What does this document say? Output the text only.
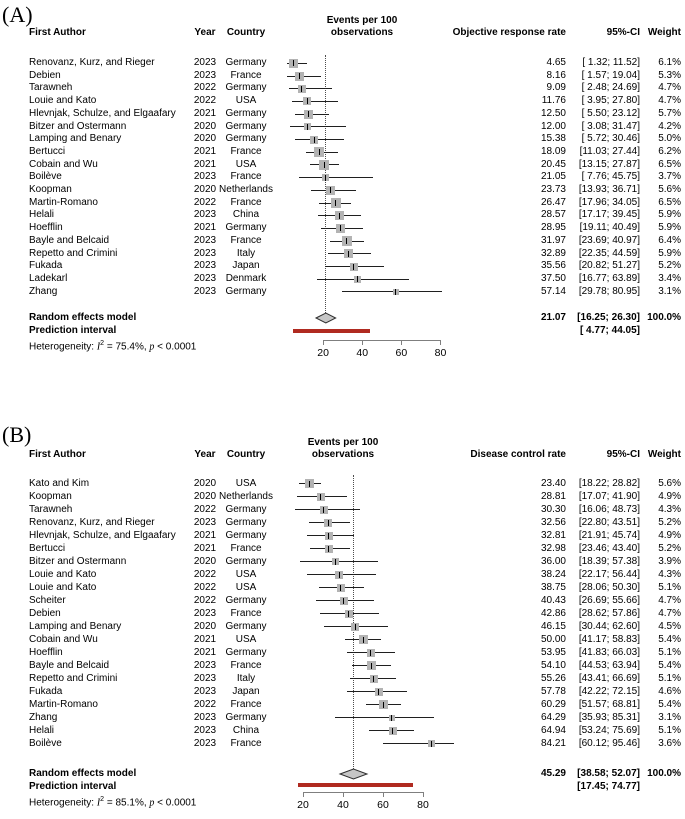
(A)
First Author	Year Country
Events per 100
observations	Objective response rate	95%-CI Weight
Renovanz, Kurz, and Rieger	2023 Germany	4.65 [ 1.32; 11.52] 6.1%
Debien	2023 France	8.16 [ 1.57; 19.04] 5.3%
Tarawneh	2022 Germany	9.09 [ 2.48; 24.69] 4.7%
Louie and Kato	2022 USA	11.76 [ 3.95; 27.80] 4.7%
Hlevnjak, Schulze, and Elgaafary 2021 Germany	12.50 [ 5.50; 23.12] 5.7%
Bitzer and Ostermann	2020 Germany	12.00 [ 3.08; 31.47] 4.2%
Lamping and Benary	2020 Germany	15.38 [ 5.72; 30.46] 5.0%
Bertucci	2021 France	18.09 [11.03; 27.44] 6.2%
Cobain and Wu	2021 USA	20.45 [13.15; 27.87] 6.5%
Boilève	2023 France	21.05 [ 7.76; 45.75] 3.7%
Koopman	2020 Netherlands	23.73 [13.93; 36.71] 5.6%
Martin-Romano	2022 France	26.47 [17.96; 34.05] 6.5%
Helali	2023 China	28.57 [17.17; 39.45] 5.9%
Hoefflin	2021 Germany	28.95 [19.11; 40.49] 5.9%
Bayle and Belcaid	2023 France	31.97 [23.69; 40.97] 6.4%
Repetto and Crimini	2023 Italy	32.89 [22.35; 44.59] 5.9%
Fukada	2023 Japan	35.56 [20.82; 51.27] 5.2%
Ladekarl	2023 Denmark	37.50 [16.77; 63.89] 3.4%
Zhang	2023 Germany	57.14 [29.78; 80.95] 3.1%
Random effects model	21.07 [16.25; 26.30] 100.0%
Prediction interval	[ 4.77; 44.05]
Heterogeneity: $I^2 = 75.4\%$, p < 0.0001
20	40	60	80
(B)
First Author	Year Country
Events per 100
observations	Disease control rate	95%-CI Weight
Kato and Kim	2020 USA	23.40 [18.22; 28.82] 5.6%
Koopman	2020 Netherlands	28.81 [17.07; 41.90] 4.9%
Tarawneh	2022 Germany	30.30 [16.06; 48.73] 4.3%
Renovanz, Kurz, and Rieger	2023 Germany	32.56 [22.80; 43.51] 5.2%
Hlevnjak, Schulze, and Elgaafary 2021 Germany	32.81 [21.91; 45.74] 4.9%
Bertucci	2021 France	32.98 [23.46; 43.40] 5.2%
Bitzer and Ostermann	2020 Germany	36.00 [18.39; 57.38] 3.9%
Louie and Kato	2022 USA	38.24 [22.17; 56.44] 4.3%
Louie and Kato	2022 USA	38.75 [28.06; 50.30] 5.1%
Scheiter	2022 Germany	40.43 [26.69; 55.66] 4.7%
Debien	2023 France	42.86 [28.62; 57.86] 4.7%
Lamping and Benary	2020 Germany	46.15 [30.44; 62.60] 4.5%
Cobain and Wu	2021 USA	50.00 [41.17; 58.83] 5.4%
Hoefflin	2021 Germany	53.95 [41.83; 66.03] 5.1%
Bayle and Belcaid	2023 France	54.10 [44.53; 63.94] 5.4%
Repetto and Crimini	2023 Italy	55.26 [43.41; 66.69] 5.1%
Fukada	2023 Japan	57.78 [42.22; 72.15] 4.6%
Martin-Romano	2022 France	60.29 [51.57; 68.81] 5.4%
Zhang	2023 Germany	64.29 [35.93; 85.31] 3.1%
Helali	2023 China	64.94 [53.24; 75.69] 5.1%
Boilève	2023 France	84.21 [60.12; 95.46] 3.6%
Random effects model	45.29 [38.58; 52.07] 100.0%
Prediction interval	[17.45; 74.77]
Heterogeneity: $I^2 = 85.1\%$, p < 0.0001	20	40	60	80
